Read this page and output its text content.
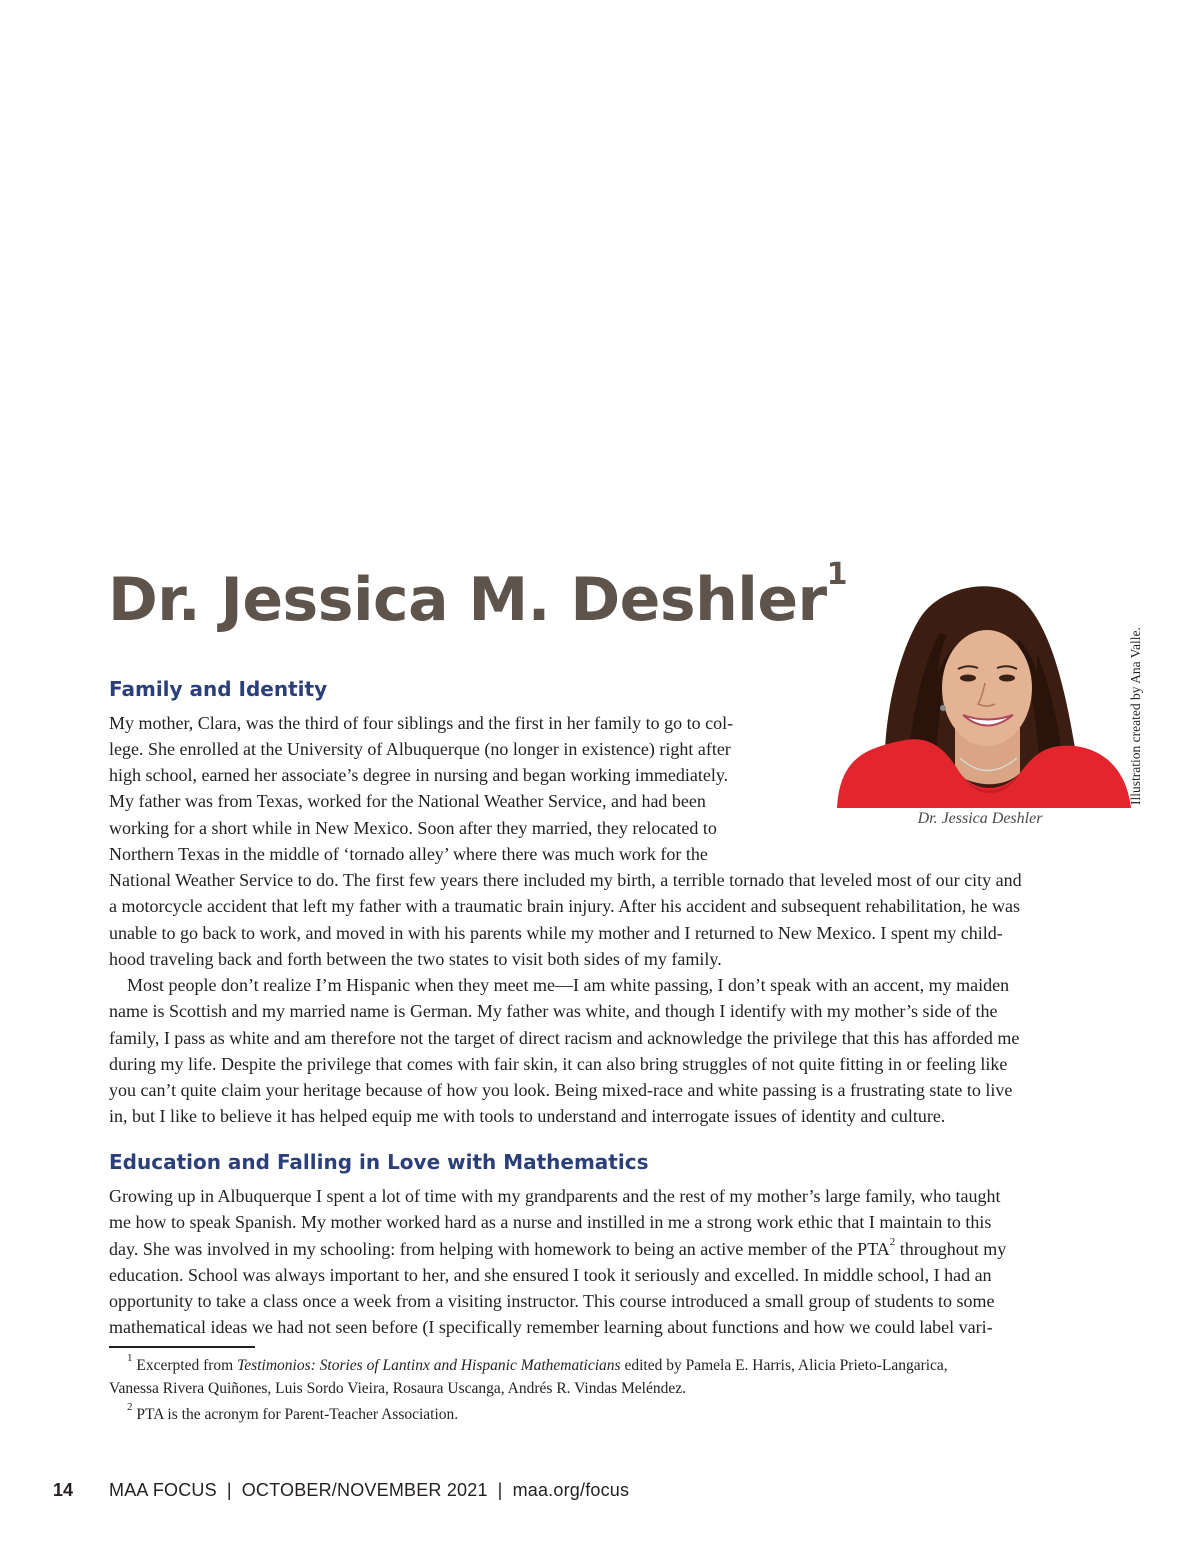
Dr. Jessica M. Deshler$^1$
Dr. Jessica Deshler
Illustration created by Ana Valle.
Family and Identity
My mother, Clara, was the third of four siblings and the first in her family to go to col-
lege. She enrolled at the University of Albuquerque (no longer in existence) right after
high school, earned her associate’s degree in nursing and began working immediately.
My father was from Texas, worked for the National Weather Service, and had been
working for a short while in New Mexico. Soon after they married, they relocated to
Northern Texas in the middle of ‘tornado alley’ where there was much work for the
National Weather Service to do. The first few years there included my birth, a terrible tornado that leveled most of our city and
a motorcycle accident that left my father with a traumatic brain injury. After his accident and subsequent rehabilitation, he was
unable to go back to work, and moved in with his parents while my mother and I returned to New Mexico. I spent my child-
hood traveling back and forth between the two states to visit both sides of my family.
Most people don’t realize I’m Hispanic when they meet me—I am white passing, I don’t speak with an accent, my maiden
name is Scottish and my married name is German. My father was white, and though I identify with my mother’s side of the
family, I pass as white and am therefore not the target of direct racism and acknowledge the privilege that this has afforded me
during my life. Despite the privilege that comes with fair skin, it can also bring struggles of not quite fitting in or feeling like
you can’t quite claim your heritage because of how you look. Being mixed-race and white passing is a frustrating state to live
in, but I like to believe it has helped equip me with tools to understand and interrogate issues of identity and culture.
Education and Falling in Love with Mathematics
Growing up in Albuquerque I spent a lot of time with my grandparents and the rest of my mother’s large family, who taught
me how to speak Spanish. My mother worked hard as a nurse and instilled in me a strong work ethic that I maintain to this
day. She was involved in my schooling: from helping with homework to being an active member of the PTA$^2$ throughout my
education. School was always important to her, and she ensured I took it seriously and excelled. In middle school, I had an
opportunity to take a class once a week from a visiting instructor. This course introduced a small group of students to some
mathematical ideas we had not seen before (I specifically remember learning about functions and how we could label vari-
$^1$ Excerpted from Testimonios: Stories of Lantinx and Hispanic Mathematicians edited by Pamela E. Harris, Alicia Prieto-Langarica,
Vanessa Rivera Quiñones, Luis Sordo Vieira, Rosaura Uscanga, Andrés R. Vindas Meléndez.
$^2$ PTA is the acronym for Parent-Teacher Association.
14 MAA FOCUS | OCTOBER/NOVEMBER 2021 | maa.org/focus
